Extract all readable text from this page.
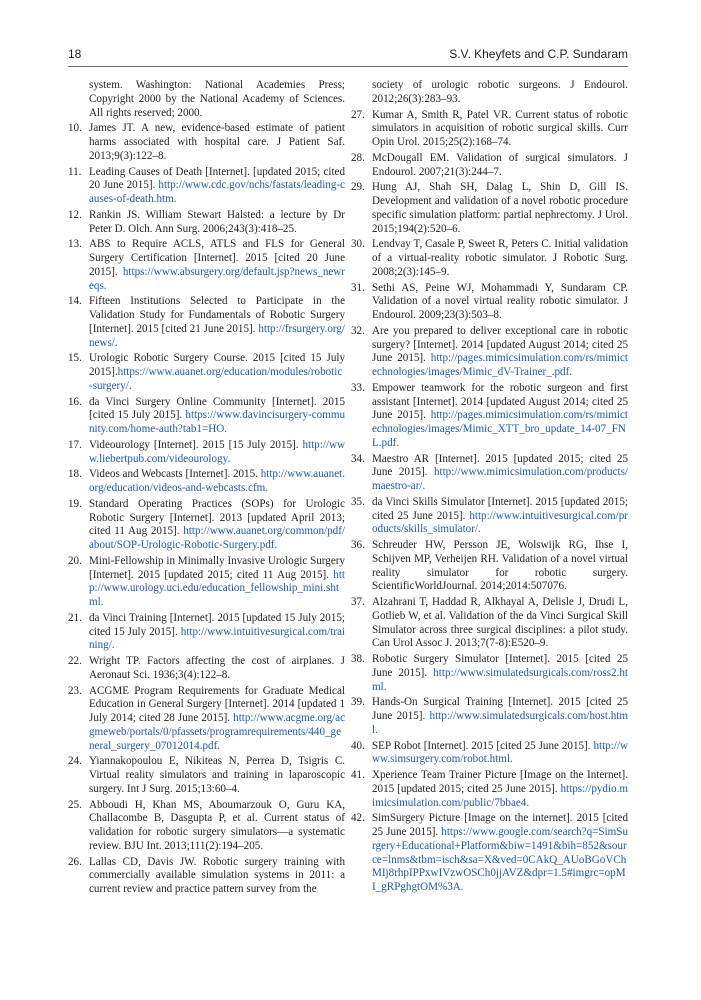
18	S.V. Kheyfets and C.P. Sundaram
system. Washington: National Academies Press; Copyright 2000 by the National Academy of Sciences. All rights reserved; 2000.
10. James JT. A new, evidence-based estimate of patient harms associated with hospital care. J Patient Saf. 2013;9(3):122–8.
11. Leading Causes of Death [Internet]. [updated 2015; cited 20 June 2015]. http://www.cdc.gov/nchs/fastats/leading-causes-of-death.htm.
12. Rankin JS. William Stewart Halsted: a lecture by Dr Peter D. Olch. Ann Surg. 2006;243(3):418–25.
13. ABS to Require ACLS, ATLS and FLS for General Surgery Certification [Internet]. 2015 [cited 20 June 2015]. https://www.absurgery.org/default.jsp?news_newreqs.
14. Fifteen Institutions Selected to Participate in the Validation Study for Fundamentals of Robotic Surgery [Internet]. 2015 [cited 21 June 2015]. http://frsurgery.org/news/.
15. Urologic Robotic Surgery Course. 2015 [cited 15 July 2015].https://www.auanet.org/education/modules/robotic-surgery/.
16. da Vinci Surgery Online Community [Internet]. 2015 [cited 15 July 2015]. https://www.davincisurgery-community.com/home-auth?tab1=HO.
17. Videourology [Internet]. 2015 [15 July 2015]. http://www.liebertpub.com/videourology.
18. Videos and Webcasts [Internet]. 2015. http://www.auanet.org/education/videos-and-webcasts.cfm.
19. Standard Operating Practices (SOPs) for Urologic Robotic Surgery [Internet]. 2013 [updated April 2013; cited 11 Aug 2015]. http://www.auanet.org/common/pdf/about/SOP-Urologic-Robotic-Surgery.pdf.
20. Mini-Fellowship in Minimally Invasive Urologic Surgery [Internet]. 2015 [updated 2015; cited 11 Aug 2015]. http://www.urology.uci.edu/education_fellowship_mini.shtml.
21. da Vinci Training [Internet]. 2015 [updated 15 July 2015; cited 15 July 2015]. http://www.intuitivesurgical.com/training/.
22. Wright TP. Factors affecting the cost of airplanes. J Aeronaut Sci. 1936;3(4):122–8.
23. ACGME Program Requirements for Graduate Medical Education in General Surgery [Internet]. 2014 [updated 1 July 2014; cited 28 June 2015]. http://www.acgme.org/acgmeweb/portals/0/pfassets/programrequirements/440_general_surgery_07012014.pdf.
24. Yiannakopoulou E, Nikiteas N, Perrea D, Tsigris C. Virtual reality simulators and training in laparoscopic surgery. Int J Surg. 2015;13:60–4.
25. Abboudi H, Khan MS, Aboumarzouk O, Guru KA, Challacombe B, Dasgupta P, et al. Current status of validation for robotic surgery simulators—a systematic review. BJU Int. 2013;111(2):194–205.
26. Lallas CD, Davis JW. Robotic surgery training with commercially available simulation systems in 2011: a current review and practice pattern survey from the
society of urologic robotic surgeons. J Endourol. 2012;26(3):283–93.
27. Kumar A, Smith R, Patel VR. Current status of robotic simulators in acquisition of robotic surgical skills. Curr Opin Urol. 2015;25(2):168–74.
28. McDougall EM. Validation of surgical simulators. J Endourol. 2007;21(3):244–7.
29. Hung AJ, Shah SH, Dalag L, Shin D, Gill IS. Development and validation of a novel robotic procedure specific simulation platform: partial nephrectomy. J Urol. 2015;194(2):520–6.
30. Lendvay T, Casale P, Sweet R, Peters C. Initial validation of a virtual-reality robotic simulator. J Robotic Surg. 2008;2(3):145–9.
31. Sethi AS, Peine WJ, Mohammadi Y, Sundaram CP. Validation of a novel virtual reality robotic simulator. J Endourol. 2009;23(3):503–8.
32. Are you prepared to deliver exceptional care in robotic surgery? [Internet]. 2014 [updated August 2014; cited 25 June 2015]. http://pages.mimicsimulation.com/rs/mimictechnologies/images/Mimic_dV-Trainer_.pdf.
33. Empower teamwork for the robotic surgeon and first assistant [Internet]. 2014 [updated August 2014; cited 25 June 2015]. http://pages.mimicsimulation.com/rs/mimictechnologies/images/Mimic_XTT_bro_update_14-07_FNL.pdf.
34. Maestro AR [Internet]. 2015 [updated 2015; cited 25 June 2015]. http://www.mimicsimulation.com/products/maestro-ar/.
35. da Vinci Skills Simulator [Internet]. 2015 [updated 2015; cited 25 June 2015]. http://www.intuitivesurgical.com/products/skills_simulator/.
36. Schreuder HW, Persson JE, Wolswijk RG, Ihse I, Schijven MP, Verheijen RH. Validation of a novel virtual reality simulator for robotic surgery. ScientificWorldJournal. 2014;2014:507076.
37. Alzahrani T, Haddad R, Alkhayal A, Delisle J, Drudi L, Gotlieb W, et al. Validation of the da Vinci Surgical Skill Simulator across three surgical disciplines: a pilot study. Can Urol Assoc J. 2013;7(7-8):E520–9.
38. Robotic Surgery Simulator [Internet]. 2015 [cited 25 June 2015]. http://www.simulatedsurgicals.com/ross2.html.
39. Hands-On Surgical Training [Internet]. 2015 [cited 25 June 2015]. http://www.simulatedsurgicals.com/host.html.
40. SEP Robot [Internet]. 2015 [cited 25 June 2015]. http://www.simsurgery.com/robot.html.
41. Xperience Team Trainer Picture [Image on the Internet]. 2015 [updated 2015; cited 25 June 2015]. https://pydio.mimicsimulation.com/public/7bbae4.
42. SimSurgery Picture [Image on the internet]. 2015 [cited 25 June 2015]. https://www.google.com/search?q=SimSurgery+Educational+Platform&biw=1491&bih=852&source=lnms&tbm=isch&sa=X&ved=0CAkQ_AUoBGoVChMIj8rhpIPPxwIVzwOSCh0jjAVZ&dpr=1.5#imgrc=opMI_gRPghgtOM%3A.
